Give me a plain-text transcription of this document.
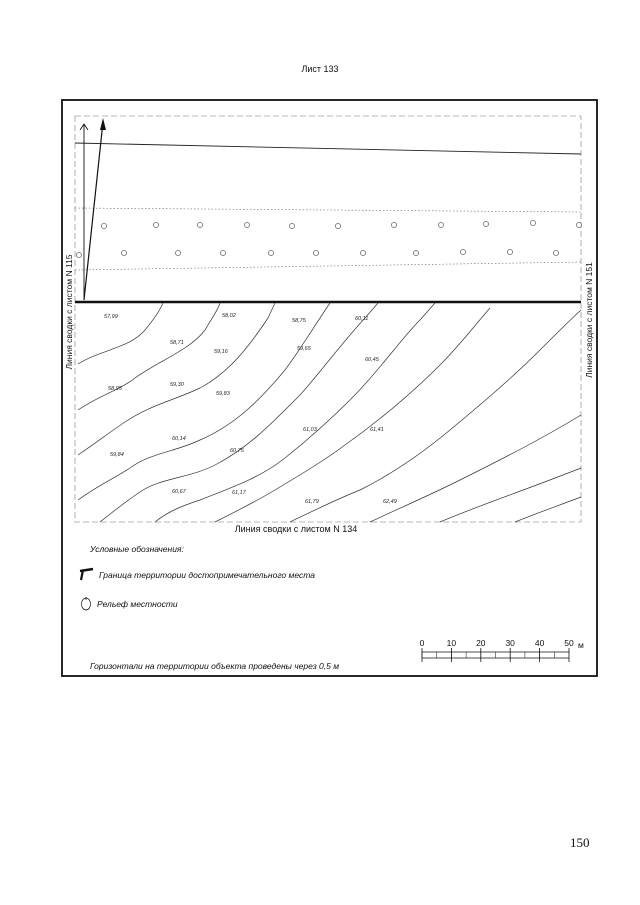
Лист 133
57,99	58,02
58,75	60,11
58,71
59,16	59,65
60,45
58,95
59,30
59,83
60,14
61,03	61,41
59,84
60,75
60,67	61,17
61,79	62,49
Линия сводки с листом N 115	Линия сводки с листом N 151
Линия сводки с листом N 134
Условные обозначения:
Граница территории достопримечательного места
Рельеф местности
Горизонтали на территории объекта проведены через 0,5 м
м
0	10 20 30 40 50
150
